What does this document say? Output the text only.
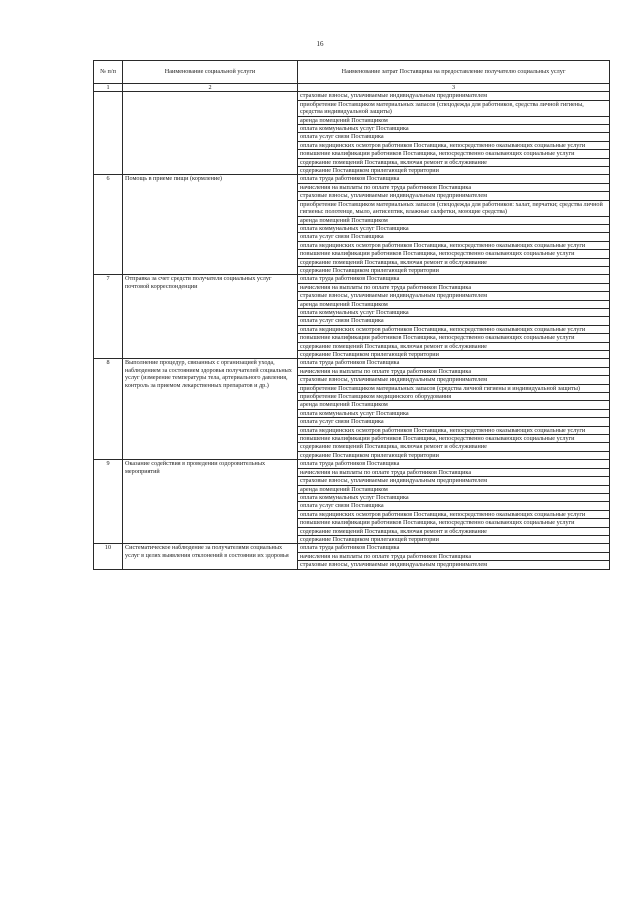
16
№ п/п	Наименование социальной услуги	Наименование затрат Поставщика на предоставление получателю социальных услуг
1	2	3
		страховые взносы, уплачиваемые индивидуальным предпринимателем
		приобретение Поставщиком материальных запасов (спецодежда для работников, средства личной гигиены, средства индивидуальной защиты)
		аренда помещений Поставщиком
		оплата коммунальных услуг Поставщика
		оплата услуг связи Поставщика
		оплата медицинских осмотров работников Поставщика, непосредственно оказывающих социальные услуги
		повышение квалификации работников Поставщика, непосредственно оказывающих социальные услуги
		содержание помещений Поставщика, включая ремонт и обслуживание
		содержание Поставщиком прилегающей территории
6	Помощь в приеме пищи (кормление)	оплата труда работников Поставщика
		начисления на выплаты по оплате труда работников Поставщика
		страховые взносы, уплачиваемые индивидуальным предпринимателем
		приобретение Поставщиком материальных запасов (спецодежда для работников: халат, перчатки; средства личной гигиены: полотенце, мыло, антисептик, влажные салфетки, моющие средства)
		аренда помещений Поставщиком
		оплата коммунальных услуг Поставщика
		оплата услуг связи Поставщика
		оплата медицинских осмотров работников Поставщика, непосредственно оказывающих социальные услуги
		повышение квалификации работников Поставщика, непосредственно оказывающих социальные услуги
		содержание помещений Поставщика, включая ремонт и обслуживание
		содержание Поставщиком прилегающей территории
7	Отправка за счет средств получателя социальных услуг почтовой корреспонденции	оплата труда работников Поставщика
		начисления на выплаты по оплате труда работников Поставщика
		страховые взносы, уплачиваемые индивидуальным предпринимателем
		аренда помещений Поставщиком
		оплата коммунальных услуг Поставщика
		оплата услуг связи Поставщика
		оплата медицинских осмотров работников Поставщика, непосредственно оказывающих социальные услуги
		повышение квалификации работников Поставщика, непосредственно оказывающих социальные услуги
		содержание помещений Поставщика, включая ремонт и обслуживание
		содержание Поставщиком прилегающей территории
8	Выполнение процедур, связанных с организацией ухода, наблюдением за состоянием здоровья получателей социальных услуг (измерение температуры тела, артериального давления, контроль за приемом лекарственных препаратов и др.)	оплата труда работников Поставщика
		начисления на выплаты по оплате труда работников Поставщика
		страховые взносы, уплачиваемые индивидуальным предпринимателем
		приобретение Поставщиком материальных запасов (средства личной гигиены и индивидуальной защиты)
		приобретение Поставщиком медицинского оборудования
		аренда помещений Поставщиком
		оплата коммунальных услуг Поставщика
		оплата услуг связи Поставщика
		оплата медицинских осмотров работников Поставщика, непосредственно оказывающих социальные услуги
		повышение квалификации работников Поставщика, непосредственно оказывающих социальные услуги
		содержание помещений Поставщика, включая ремонт и обслуживание
		содержание Поставщиком прилегающей территории
9	Оказание содействия в проведении оздоровительных мероприятий	оплата труда работников Поставщика
		начисления на выплаты по оплате труда работников Поставщика
		страховые взносы, уплачиваемые индивидуальным предпринимателем
		аренда помещений Поставщиком
		оплата коммунальных услуг Поставщика
		оплата услуг связи Поставщика
		оплата медицинских осмотров работников Поставщика, непосредственно оказывающих социальные услуги
		повышение квалификации работников Поставщика, непосредственно оказывающих социальные услуги
		содержание помещений Поставщика, включая ремонт и обслуживание
		содержание Поставщиком прилегающей территории
10	Систематическое наблюдение за получателями социальных услуг в целях выявления отклонений в состоянии их здоровья	оплата труда работников Поставщика
		начисления на выплаты по оплате труда работников Поставщика
		страховые взносы, уплачиваемые индивидуальным предпринимателем
